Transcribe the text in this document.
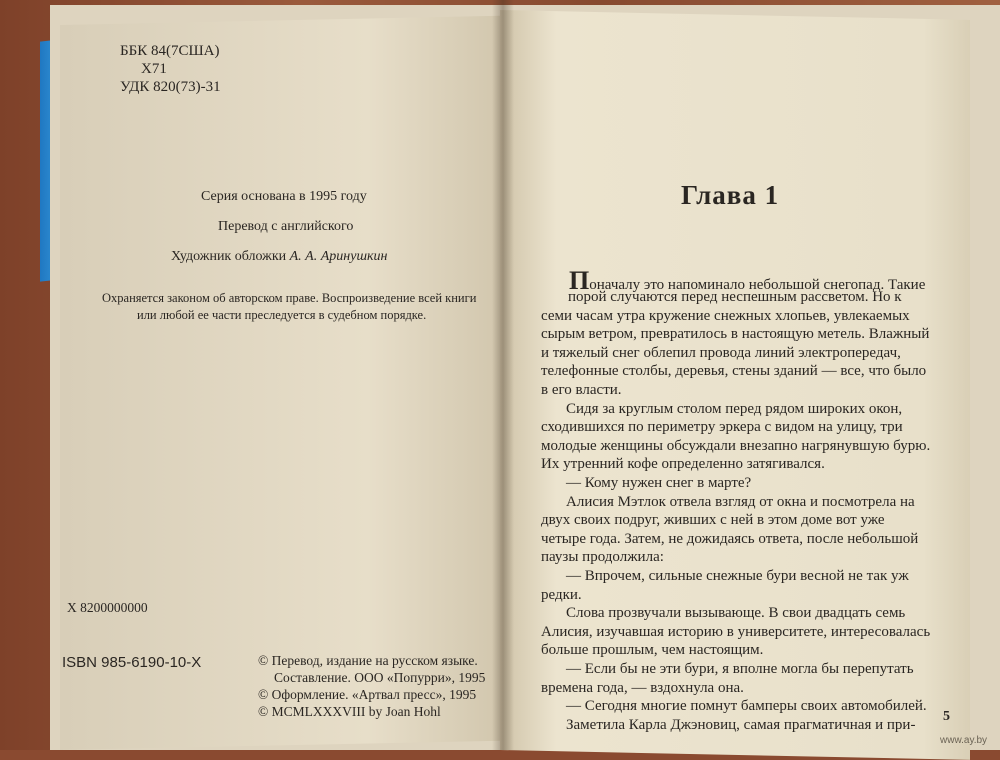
ББК 84(7США)
Х71
УДК 820(73)-31
Серия основана в 1995 году
Перевод с английского
Художник обложки А. А. Аринушкин
Охраняется законом об авторском праве. Воспроизведение всей книги
или любой ее части преследуется в судебном порядке.
Х 8200000000
ISBN 985-6190-10-X	© Перевод, издание на русском языке.
Составление. ООО «Попурри», 1995
© Оформление. «Артвал пресс», 1995
© MCMLXXXVIII by Joan Hohl
Глава 1
Поначалу это напоминало небольшой снегопад. Такие
порой случаются перед неспешным рассветом. Но к
семи часам утра кружение снежных хлопьев, увлекаемых
сырым ветром, превратилось в настоящую метель. Влажный
и тяжелый снег облепил провода линий электропередач,
телефонные столбы, деревья, стены зданий — все, что было
в его власти.
Сидя за круглым столом перед рядом широких окон,
сходившихся по периметру эркера с видом на улицу, три
молодые женщины обсуждали внезапно нагрянувшую бурю.
Их утренний кофе определенно затягивался.
— Кому нужен снег в марте?
Алисия Мэтлок отвела взгляд от окна и посмотрела на
двух своих подруг, живших с ней в этом доме вот уже
четыре года. Затем, не дожидаясь ответа, после небольшой
паузы продолжила:
— Впрочем, сильные снежные бури весной не так уж
редки.
Слова прозвучали вызывающе. В свои двадцать семь
Алисия, изучавшая историю в университете, интересовалась
больше прошлым, чем настоящим.
— Если бы не эти бури, я вполне могла бы перепутать
времена года, — вздохнула она.
— Сегодня многие помнут бамперы своих автомобилей.
Заметила Карла Джэновиц, самая прагматичная и при-
5
www.ay.by
